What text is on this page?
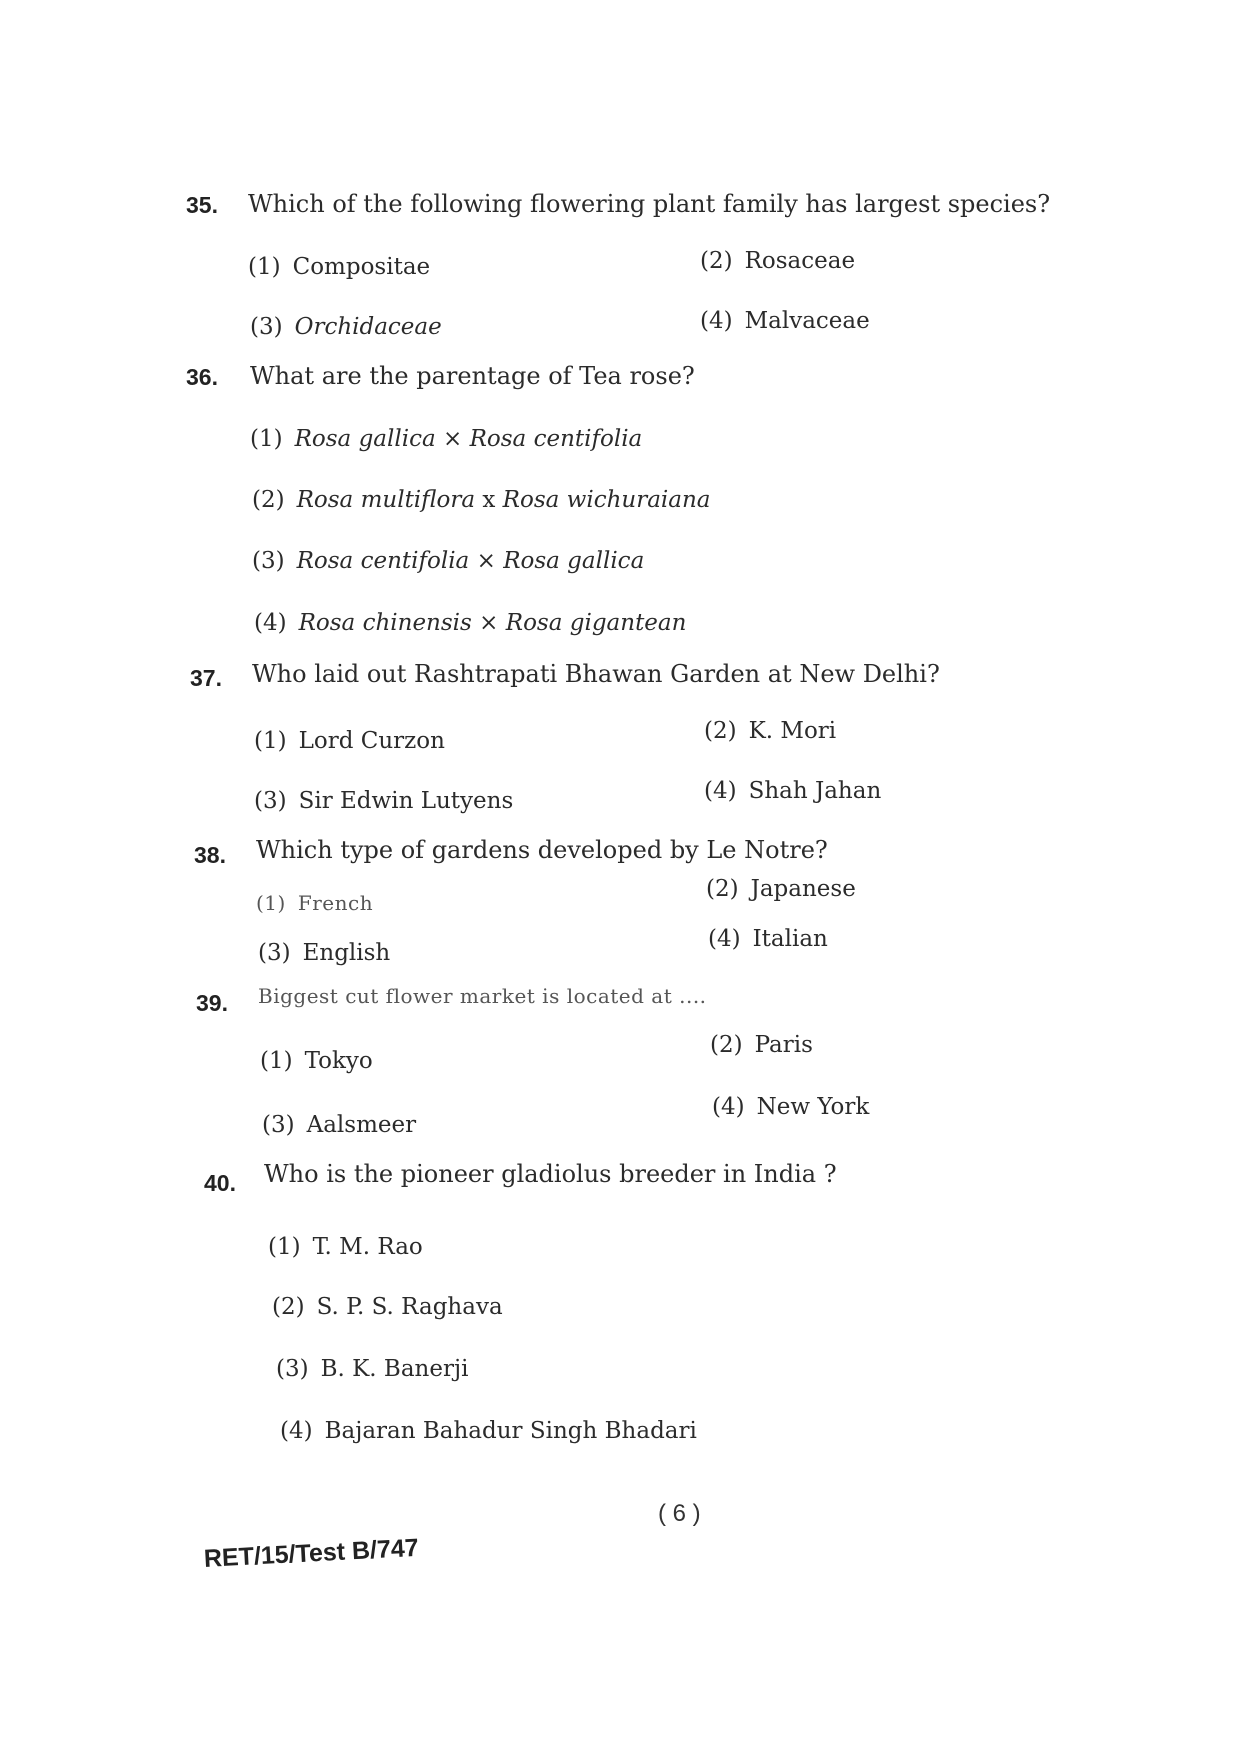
35. Which of the following flowering plant family has largest species?
(1) Compositae	(2) Rosaceae
(3) Orchidaceae	(4) Malvaceae
36. What are the parentage of Tea rose?
(1) Rosa gallica × Rosa centifolia
(2) Rosa multiflora x Rosa wichuraiana
(3) Rosa centifolia × Rosa gallica
(4) Rosa chinensis × Rosa gigantean
37. Who laid out Rashtrapati Bhawan Garden at New Delhi?
(1) Lord Curzon	(2) K. Mori
(3) Sir Edwin Lutyens	(4) Shah Jahan
38. Which type of gardens developed by Le Notre?
(1) French
(2) Japanese
(3) English
(4) Italian
39. Biggest cut flower market is located at ....
(1) Tokyo
(2) Paris
(3) Aalsmeer
(4) New York
40. Who is the pioneer gladiolus breeder in India ?
(1) T. M. Rao
(2) S. P. S. Raghava
(3) B. K. Banerji
(4) Bajaran Bahadur Singh Bhadari
( 6 )
RET/15/Test B/747
